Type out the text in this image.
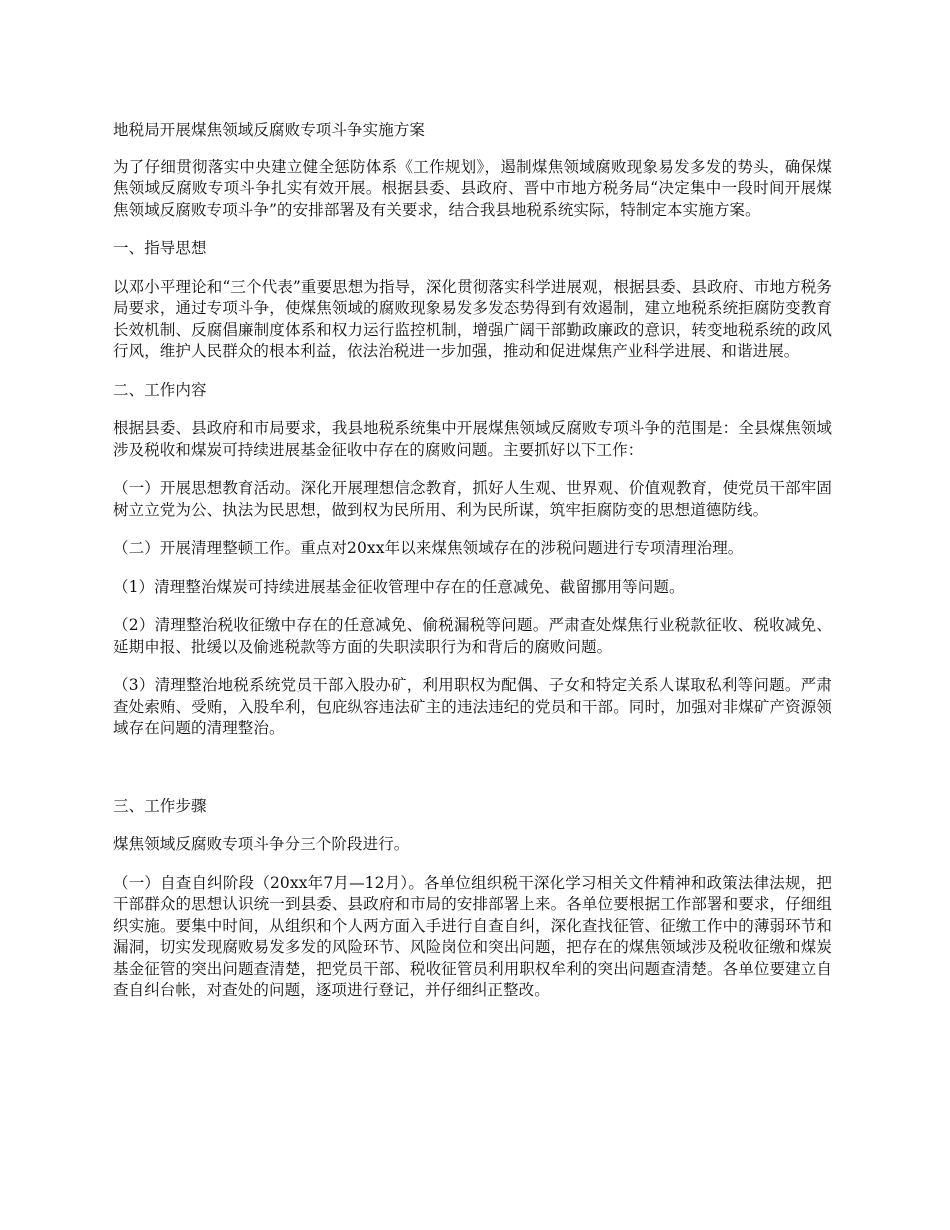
地税局开展煤焦领域反腐败专项斗争实施方案

为了仔细贯彻落实中央建立健全惩防体系《工作规划》，遏制煤焦领域腐败现象易发多发的势头，确保煤焦领域反腐败专项斗争扎实有效开展。根据县委、县政府、晋中市地方税务局“决定集中一段时间开展煤焦领域反腐败专项斗争”的安排部署及有关要求，结合我县地税系统实际，特制定本实施方案。

一、指导思想

以邓小平理论和“三个代表”重要思想为指导，深化贯彻落实科学进展观，根据县委、县政府、市地方税务局要求，通过专项斗争，使煤焦领域的腐败现象易发多发态势得到有效遏制，建立地税系统拒腐防变教育长效机制、反腐倡廉制度体系和权力运行监控机制，增强广阔干部勤政廉政的意识，转变地税系统的政风行风，维护人民群众的根本利益，依法治税进一步加强，推动和促进煤焦产业科学进展、和谐进展。

二、工作内容

根据县委、县政府和市局要求，我县地税系统集中开展煤焦领域反腐败专项斗争的范围是：全县煤焦领域涉及税收和煤炭可持续进展基金征收中存在的腐败问题。主要抓好以下工作：

（一）开展思想教育活动。深化开展理想信念教育，抓好人生观、世界观、价值观教育，使党员干部牢固树立立党为公、执法为民思想，做到权为民所用、利为民所谋，筑牢拒腐防变的思想道德防线。

（二）开展清理整顿工作。重点对20xx年以来煤焦领域存在的涉税问题进行专项清理治理。

（1）清理整治煤炭可持续进展基金征收管理中存在的任意减免、截留挪用等问题。

（2）清理整治税收征缴中存在的任意减免、偷税漏税等问题。严肃查处煤焦行业税款征收、税收减免、延期申报、批缓以及偷逃税款等方面的失职渎职行为和背后的腐败问题。

（3）清理整治地税系统党员干部入股办矿，利用职权为配偶、子女和特定关系人谋取私利等问题。严肃查处索贿、受贿，入股牟利，包庇纵容违法矿主的违法违纪的党员和干部。同时，加强对非煤矿产资源领域存在问题的清理整治。

三、工作步骤

煤焦领域反腐败专项斗争分三个阶段进行。

（一）自查自纠阶段（20xx年7月—12月）。各单位组织税干深化学习相关文件精神和政策法律法规，把干部群众的思想认识统一到县委、县政府和市局的安排部署上来。各单位要根据工作部署和要求，仔细组织实施。要集中时间，从组织和个人两方面入手进行自查自纠，深化查找征管、征缴工作中的薄弱环节和漏洞，切实发现腐败易发多发的风险环节、风险岗位和突出问题，把存在的煤焦领域涉及税收征缴和煤炭基金征管的突出问题查清楚，把党员干部、税收征管员利用职权牟利的突出问题查清楚。各单位要建立自查自纠台帐，对查处的问题，逐项进行登记，并仔细纠正整改。
